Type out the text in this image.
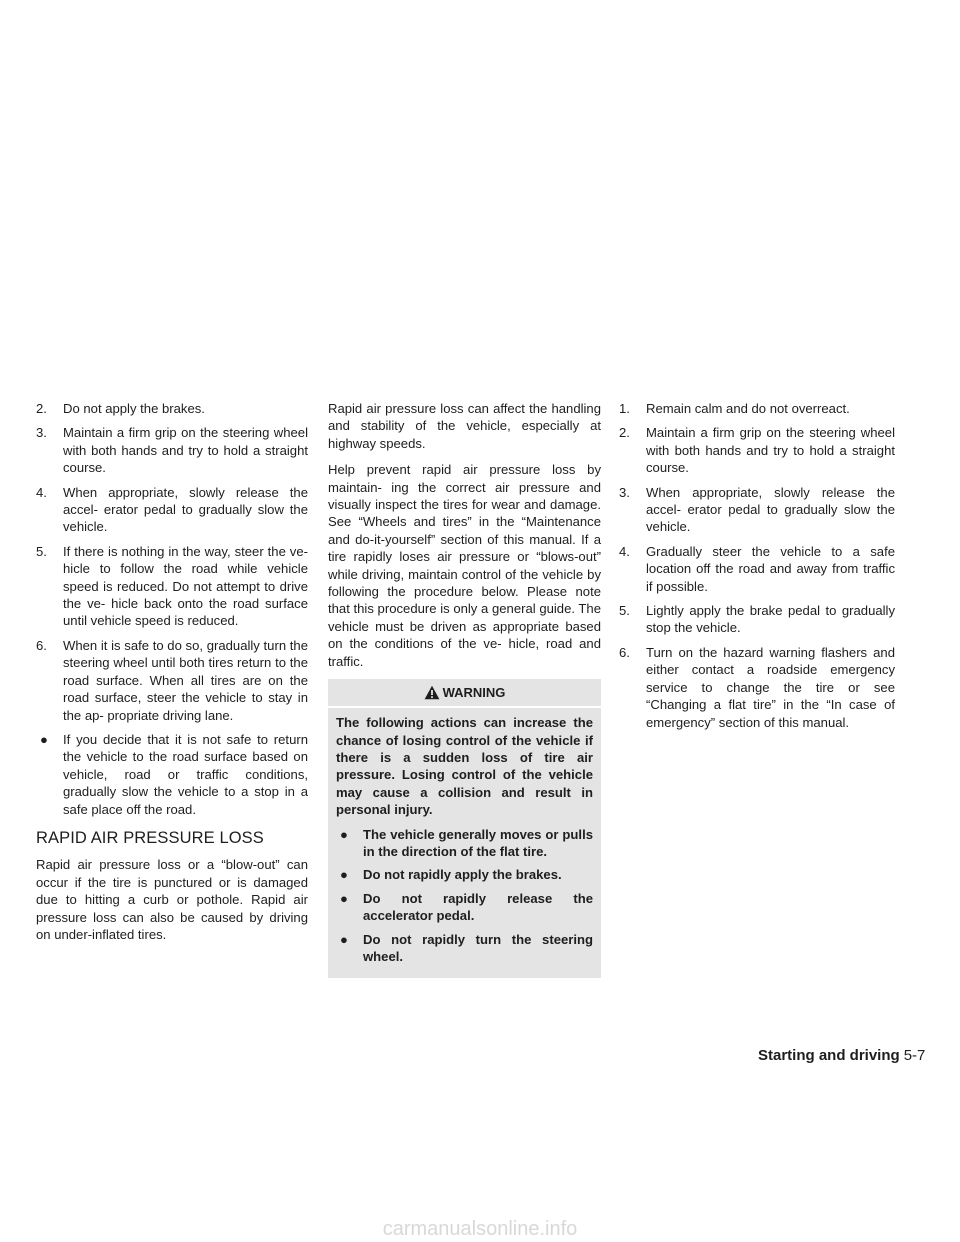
2.	Do not apply the brakes.
3.	Maintain a firm grip on the steering wheel with both hands and try to hold a straight course.
4.	When appropriate, slowly release the accel- erator pedal to gradually slow the vehicle.
5.	If there is nothing in the way, steer the ve- hicle to follow the road while vehicle speed is reduced. Do not attempt to drive the ve- hicle back onto the road surface until vehicle speed is reduced.
6.	When it is safe to do so, gradually turn the steering wheel until both tires return to the road surface. When all tires are on the road surface, steer the vehicle to stay in the ap- propriate driving lane.
●	If you decide that it is not safe to return the vehicle to the road surface based on vehicle, road or traffic conditions, gradually slow the vehicle to a stop in a safe place off the road.
RAPID AIR PRESSURE LOSS
Rapid air pressure loss or a “blow-out” can occur if the tire is punctured or is damaged due to hitting a curb or pothole. Rapid air pressure loss can also be caused by driving on under-inflated tires.
Rapid air pressure loss can affect the handling and stability of the vehicle, especially at highway speeds.
Help prevent rapid air pressure loss by maintain- ing the correct air pressure and visually inspect the tires for wear and damage. See “Wheels and tires” in the “Maintenance and do-it-yourself” section of this manual. If a tire rapidly loses air pressure or “blows-out” while driving, maintain control of the vehicle by following the procedure below. Please note that this procedure is only a general guide. The vehicle must be driven as appropriate based on the conditions of the ve- hicle, road and traffic.
WARNING
The following actions can increase the chance of losing control of the vehicle if there is a sudden loss of tire air pressure. Losing control of the vehicle may cause a collision and result in personal injury.
●	The vehicle generally moves or pulls in the direction of the flat tire.
●	Do not rapidly apply the brakes.
●	Do not rapidly release the accelerator pedal.
●	Do not rapidly turn the steering wheel.
1.	Remain calm and do not overreact.
2.	Maintain a firm grip on the steering wheel with both hands and try to hold a straight course.
3.	When appropriate, slowly release the accel- erator pedal to gradually slow the vehicle.
4.	Gradually steer the vehicle to a safe location off the road and away from traffic if possible.
5.	Lightly apply the brake pedal to gradually stop the vehicle.
6.	Turn on the hazard warning flashers and either contact a roadside emergency service to change the tire or see “Changing a flat tire” in the “In case of emergency” section of this manual.
Starting and driving 5-7
carmanualsonline.info
